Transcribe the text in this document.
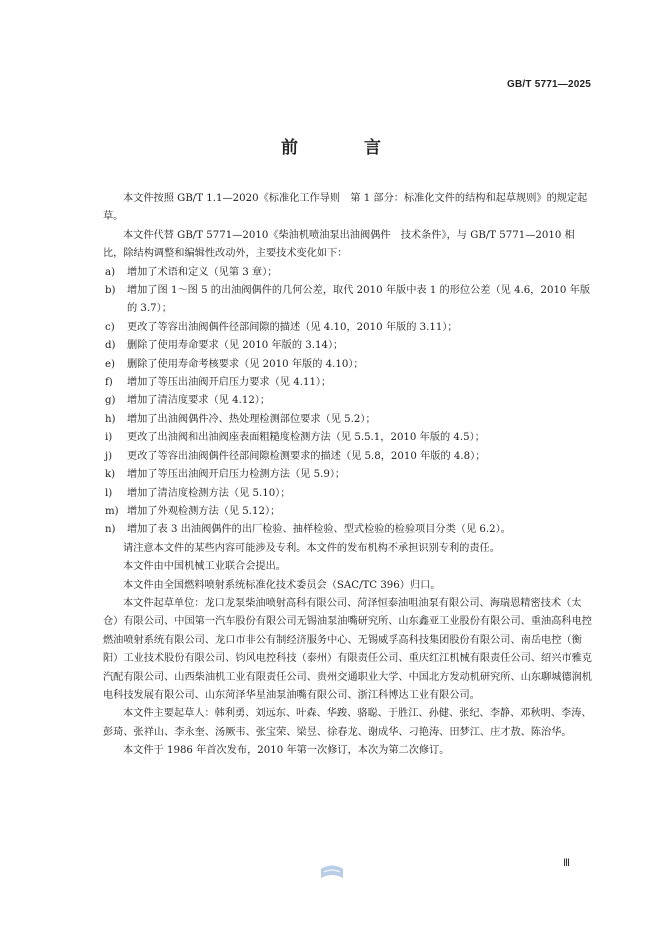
GB/T 5771—2025
前 言

本文件按照 GB/T 1.1—2020《标准化工作导则　第 1 部分：标准化文件的结构和起草规则》的规定起草。

本文件代替 GB/T 5771—2010《柴油机喷油泵出油阀偶件　技术条件》，与 GB/T 5771—2010 相比，除结构调整和编辑性改动外，主要技术变化如下：

a) 增加了术语和定义（见第 3 章）；

b) 增加了图 1～图 5 的出油阀偶件的几何公差，取代 2010 年版中表 1 的形位公差（见 4.6，2010 年版的 3.7）；

c) 更改了等容出油阀偶件径部间隙的描述（见 4.10，2010 年版的 3.11）；

d) 删除了使用寿命要求（见 2010 年版的 3.14）；

e) 删除了使用寿命考核要求（见 2010 年版的 4.10）；

f) 增加了等压出油阀开启压力要求（见 4.11）；

g) 增加了清洁度要求（见 4.12）；

h) 增加了出油阀偶件冷、热处理检测部位要求（见 5.2）；

i) 更改了出油阀和出油阀座表面粗糙度检测方法（见 5.5.1，2010 年版的 4.5）；

j) 更改了等容出油阀偶件径部间隙检测要求的描述（见 5.8，2010 年版的 4.8）；

k) 增加了等压出油阀开启压力检测方法（见 5.9）；

l) 增加了清洁度检测方法（见 5.10）；

m) 增加了外观检测方法（见 5.12）；

n) 增加了表 3 出油阀偶件的出厂检验、抽样检验、型式检验的检验项目分类（见 6.2）。

请注意本文件的某些内容可能涉及专利。本文件的发布机构不承担识别专利的责任。

本文件由中国机械工业联合会提出。

本文件由全国燃料喷射系统标准化技术委员会（SAC/TC 396）归口。

本文件起草单位：龙口龙泵柴油喷射高科有限公司、菏泽恒泰油咀油泵有限公司、海瑞恩精密技术（太仓）有限公司、中国第一汽车股份有限公司无锡油泵油嘴研究所、山东鑫亚工业股份有限公司、重油高科电控燃油喷射系统有限公司、龙口市非公有制经济服务中心、无锡威孚高科技集团股份有限公司、南岳电控（衡阳）工业技术股份有限公司、钧风电控科技（泰州）有限责任公司、重庆红江机械有限责任公司、绍兴市雅克汽配有限公司、山西柴油机工业有限责任公司、贵州交通职业大学、中国北方发动机研究所、山东聊城德润机电科技发展有限公司、山东菏泽华星油泵油嘴有限公司、浙江科博达工业有限公司。

本文件主要起草人：韩利勇、刘远东、叶森、华踆、骆聪、于胜江、孙健、张纪、李静、邓秋明、李涛、彭琦、张祥山、李永奎、汤厥韦、张宝荣、梁昱、徐春龙、谢成华、刁艳涛、田梦江、庄才敖、陈治华。

本文件于 1986 年首次发布，2010 年第一次修订，本次为第二次修订。

Ⅲ
